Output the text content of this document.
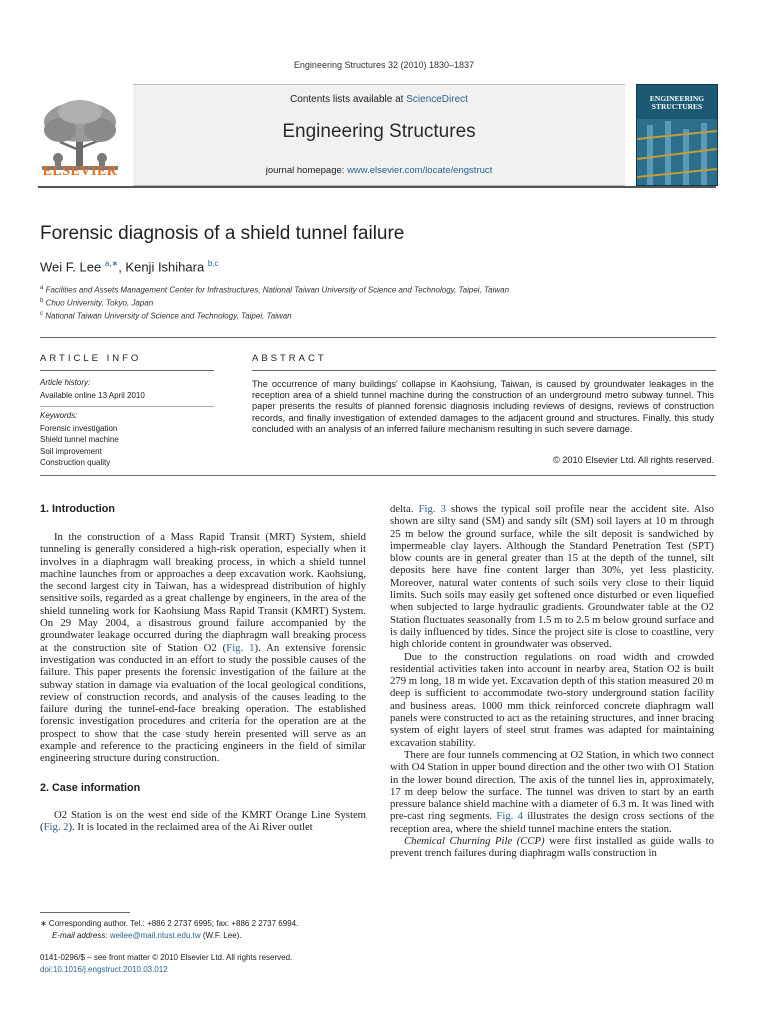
Engineering Structures 32 (2010) 1830–1837
Contents lists available at ScienceDirect
Engineering Structures
journal homepage: www.elsevier.com/locate/engstruct
ELSEVIER
ENGINEERING
STRUCTURES
Forensic diagnosis of a shield tunnel failure
Wei F. Lee $^{a,∗}$, Kenji Ishihara $^{b,c}$
$^a$ Facilities and Assets Management Center for Infrastructures, National Taiwan University of Science and Technology, Taipei, Taiwan
$^b$ Chuo University, Tokyo, Japan
$^c$ National Taiwan University of Science and Technology, Taipei, Taiwan
ARTICLE INFO
Article history:
Available online 13 April 2010
Keywords:
Forensic investigation
Shield tunnel machine
Soil improvement
Construction quality
ABSTRACT
The occurrence of many buildings' collapse in Kaohsiung, Taiwan, is caused by groundwater leakages in the reception area of a shield tunnel machine during the construction of an underground metro subway tunnel. This paper presents the results of planned forensic diagnosis including reviews of designs, reviews of construction records, and finally investigation of extended damages to the adjacent ground and structures. Finally, this study concluded with an analysis of an inferred failure mechanism resulting in such severe damage.
© 2010 Elsevier Ltd. All rights reserved.
1. Introduction

In the construction of a Mass Rapid Transit (MRT) System, shield tunneling is generally considered a high-risk operation, especially when it involves in a diaphragm wall breaking process, in which a shield tunnel machine launches from or approaches a deep excavation work. Kaohsiung, the second largest city in Taiwan, has a widespread distribution of highly sensitive soils, regarded as a great challenge by engineers, in the area of the shield tunneling work for Kaohsiung Mass Rapid Transit (KMRT) System. On 29 May 2004, a disastrous ground failure accompanied by the groundwater leakage occurred during the diaphragm wall breaking process at the construction site of Station O2 (Fig. 1). An extensive forensic investigation was conducted in an effort to study the possible causes of the failure. This paper presents the forensic investigation of the failure at the subway station in damage via evaluation of the local geological conditions, review of construction records, and analysis of the causes leading to the failure during the tunnel-end-face breaking operation. The established forensic investigation procedures and criteria for the operation are at the prospect to show that the case study herein presented will serve as an example and reference to the practicing engineers in the field of similar engineering structure during construction.

2. Case information

O2 Station is on the west end side of the KMRT Orange Line System (Fig. 2). It is located in the reclaimed area of the Ai River outlet

delta. Fig. 3 shows the typical soil profile near the accident site. Also shown are silty sand (SM) and sandy silt (SM) soil layers at 10 m through 25 m below the ground surface, while the silt deposit is sandwiched by impermeable clay layers. Although the Standard Penetration Test (SPT) blow counts are in general greater than 15 at the depth of the tunnel, silt deposits here have fine content larger than 30%, yet less plasticity. Moreover, natural water contents of such soils very close to their liquid limits. Such soils may easily get softened once disturbed or even liquefied when subjected to large hydraulic gradients. Groundwater table at the O2 Station fluctuates seasonally from 1.5 m to 2.5 m below ground surface and is daily influenced by tides. Since the project site is close to coastline, very high chloride content in groundwater was observed.

Due to the construction regulations on road width and crowded residential activities taken into account in nearby area, Station O2 is built 279 m long, 18 m wide yet. Excavation depth of this station measured 20 m deep is sufficient to accommodate two-story underground station facility and business areas. 1000 mm thick reinforced concrete diaphragm wall panels were constructed to act as the retaining structures, and inner bracing system of eight layers of steel strut frames was adapted for maintaining excavation stability.

There are four tunnels commencing at O2 Station, in which two connect with O4 Station in upper bound direction and the other two with O1 Station in the lower bound direction. The axis of the tunnel lies in, approximately, 17 m deep below the surface. The tunnel was driven to start by an earth pressure balance shield machine with a diameter of 6.3 m. It was lined with pre-cast ring segments. Fig. 4 illustrates the design cross sections of the reception area, where the shield tunnel machine enters the station.

Chemical Churning Pile (CCP) were first installed as guide walls to prevent trench failures during diaphragm walls construction in

∗ Corresponding author. Tel.: +886 2 2737 6995; fax: +886 2 2737 6994.
E-mail address: weilee@mail.ntust.edu.tw (W.F. Lee).
0141-0296/$ – see front matter © 2010 Elsevier Ltd. All rights reserved.
doi:10.1016/j.engstruct.2010.03.012
